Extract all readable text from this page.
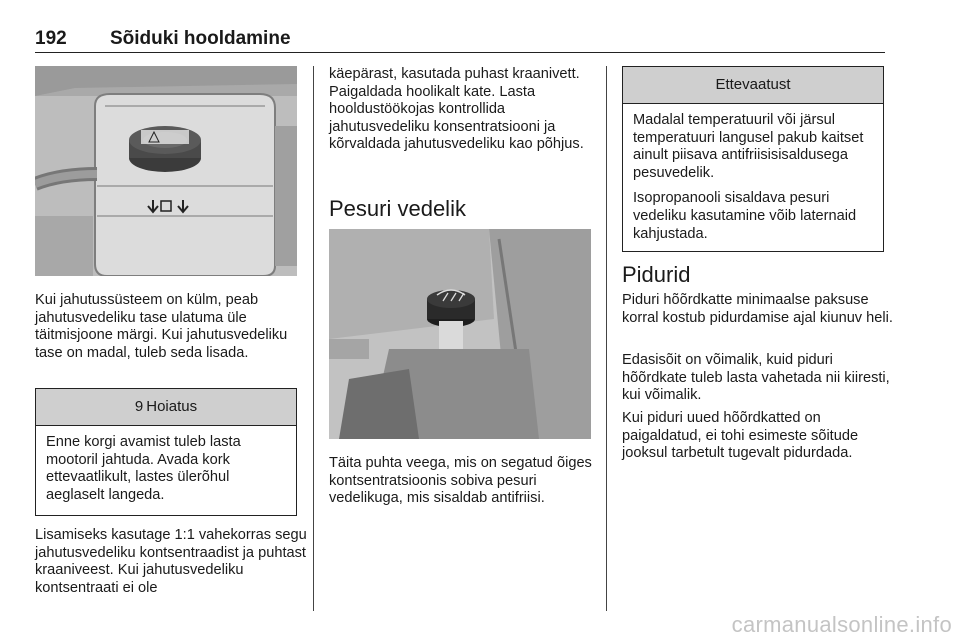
192 Sõiduki hooldamine

Kui jahutussüsteem on külm, peab jahutusvedeliku tase ulatuma üle täitmisjoone märgi. Kui jahutusvedeliku tase on madal, tuleb seda lisada.

9 Hoiatus

Enne korgi avamist tuleb lasta mootoril jahtuda. Avada kork ettevaatlikult, lastes ülerõhul aeglaselt langeda.

Lisamiseks kasutage 1:1 vahekorras segu jahutusvedeliku kontsentraadist ja puhtast kraaniveest. Kui jahutusvedeliku kontsentraati ei ole

käepärast, kasutada puhast kraanivett. Paigaldada hoolikalt kate. Lasta hooldustöökojas kontrollida jahutusvedeliku konsentratsiooni ja kõrvaldada jahutusvedeliku kao põhjus.

Pesuri vedelik

Täita puhta veega, mis on segatud õiges kontsentratsioonis sobiva pesuri vedelikuga, mis sisaldab antifriisi.

Ettevaatust

Madalal temperatuuril või järsul temperatuuri langusel pakub kaitset ainult piisava antifriisisisaldusega pesuvedelik.

Isopropanooli sisaldava pesuri vedeliku kasutamine võib laternaid kahjustada.

Pidurid

Piduri hõõrdkatte minimaalse paksuse korral kostub pidurdamise ajal kiunuv heli.

Edasisõit on võimalik, kuid piduri hõõrdkate tuleb lasta vahetada nii kiiresti, kui võimalik.

Kui piduri uued hõõrdkatted on paigaldatud, ei tohi esimeste sõitude jooksul tarbetult tugevalt pidurdada.

carmanualsonline.info
